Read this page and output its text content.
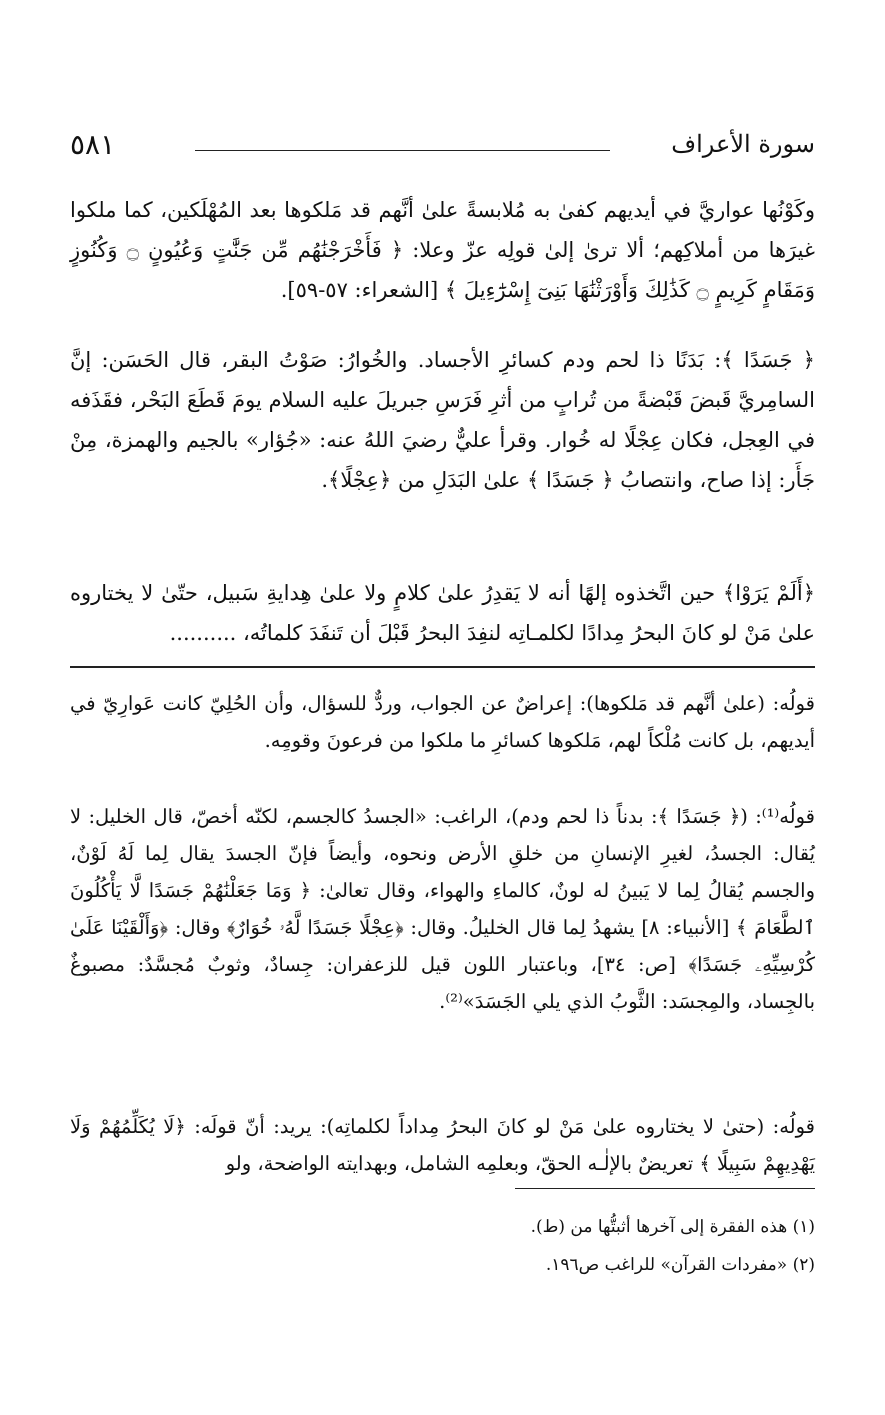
سورة الأعراف
٥٨١
وكَوْنُها عواريَّ في أيديهم كفىٰ به مُلابسةً علىٰ أنَّهم قد مَلكوها بعد المُهْلَكين، كما ملكوا غيرَها من أملاكِهم؛ ألا ترىٰ إلىٰ قولِه عزّ وعلا: ﴿ فَأَخْرَجْنَٰهُم مِّن جَنَّٰتٍ وَعُيُونٍ ۝ وَكُنُوزٍ وَمَقَامٍ كَرِيمٍ ۝ كَذَٰلِكَ وَأَوْرَثْنَٰهَا بَنِىٓ إِسْرَٰٓءِيلَ ﴾ [الشعراء: ٥٧-٥٩].
﴿ جَسَدًا ﴾: بَدَنًا ذا لحم ودم كسائرِ الأجساد. والخُوارُ: صَوْتُ البقر، قال الحَسَن: إنَّ السامِريَّ قَبضَ قَبْضةً من تُرابٍ من أثرِ فَرَسِ جبريلَ عليه السلام يومَ قَطَعَ البَحْر، فقَذَفه في العِجل، فكان عِجْلًا له خُوار. وقرأ عليٌّ رضيَ اللهُ عنه: «جُؤار» بالجيم والهمزة، مِنْ جَأَر: إذا صاح، وانتصابُ ﴿ جَسَدًا ﴾ علىٰ البَدَلِ من ﴿عِجْلًا﴾.
﴿أَلَمْ يَرَوْا﴾ حين اتَّخذوه إلهًا أنه لا يَقدِرُ علىٰ كلامٍ ولا علىٰ هِدايةِ سَبيل، حتّىٰ لا يختاروه علىٰ مَنْ لو كانَ البحرُ مِدادًا لكلمـاتِه لنفِدَ البحرُ قَبْلَ أن تَنفَدَ كلماتُه، ..........
قولُه: (علىٰ أنَّهم قد مَلكوها): إعراضٌ عن الجواب، وردٌّ للسؤال، وأن الحُلِيّ كانت عَوارِيّ في أيديهم، بل كانت مُلْكاً لهم، مَلكوها كسائرِ ما ملكوا من فرعونَ وقومِه.
قولُه⁽¹⁾: (﴿ جَسَدًا ﴾: بدناً ذا لحم ودم)، الراغب: «الجسدُ كالجسم، لكنّه أخصّ، قال الخليل: لا يُقال: الجسدُ، لغيرِ الإنسانِ من خلقِ الأرض ونحوه، وأيضاً فإنّ الجسدَ يقال لِما لَهُ لَوْنٌ، والجسم يُقالُ لِما لا يَبينُ له لونٌ، كالماءِ والهواء، وقال تعالىٰ: ﴿ وَمَا جَعَلْنَٰهُمْ جَسَدًا لَّا يَأْكُلُونَ ٱلطَّعَامَ ﴾ [الأنبياء: ٨] يشهدُ لِما قال الخليلُ. وقال: ﴿عِجْلًا جَسَدًا لَّهُۥ خُوَارٌ﴾ وقال: ﴿وَأَلْقَيْنَا عَلَىٰ كُرْسِيِّهِۦ جَسَدًا﴾ [ص: ٣٤]، وباعتبار اللون قيل للزعفران: جِسادٌ، وثوبٌ مُجسَّدٌ: مصبوغٌ بالجِساد، والمِجسَد: الثَّوبُ الذي يلي الجَسَدَ»⁽²⁾.
قولُه: (حتىٰ لا يختاروه علىٰ مَنْ لو كانَ البحرُ مِداداً لكلماتِه): يريد: أنّ قولَه: ﴿لَا يُكَلِّمُهُمْ وَلَا يَهْدِيهِمْ سَبِيلًا ﴾ تعريضٌ بالإلٰـه الحقّ، وبعلمِه الشامل، وبهدايته الواضحة، ولو
(١) هذه الفقرة إلى آخرها أثبتُّها من (ط).
(٢) «مفردات القرآن» للراغب ص١٩٦.
